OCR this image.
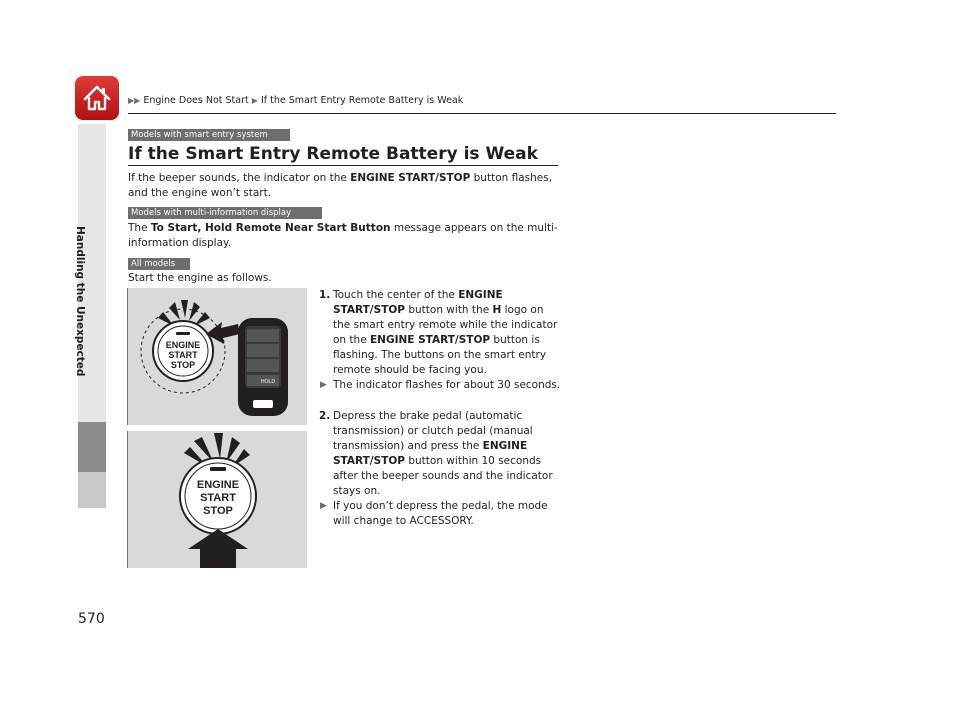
▶▶ Engine Does Not Start ▶ If the Smart Entry Remote Battery is Weak
Handling the Unexpected
570
Models with smart entry system
If the Smart Entry Remote Battery is Weak
If the beeper sounds, the indicator on the ENGINE START/STOP button flashes, and the engine won’t start.
Models with multi-information display
The To Start, Hold Remote Near Start Button message appears on the multi-information display.
All models
Start the engine as follows.
ENGINE
START
STOP
HOLD
ENGINE
START
STOP
1. Touch the center of the ENGINE START/STOP button with the H logo on the smart entry remote while the indicator on the ENGINE START/STOP button is flashing. The buttons on the smart entry remote should be facing you.
▶ The indicator flashes for about 30 seconds.
2. Depress the brake pedal (automatic transmission) or clutch pedal (manual transmission) and press the ENGINE START/STOP button within 10 seconds after the beeper sounds and the indicator stays on.
▶ If you don’t depress the pedal, the mode will change to ACCESSORY.
